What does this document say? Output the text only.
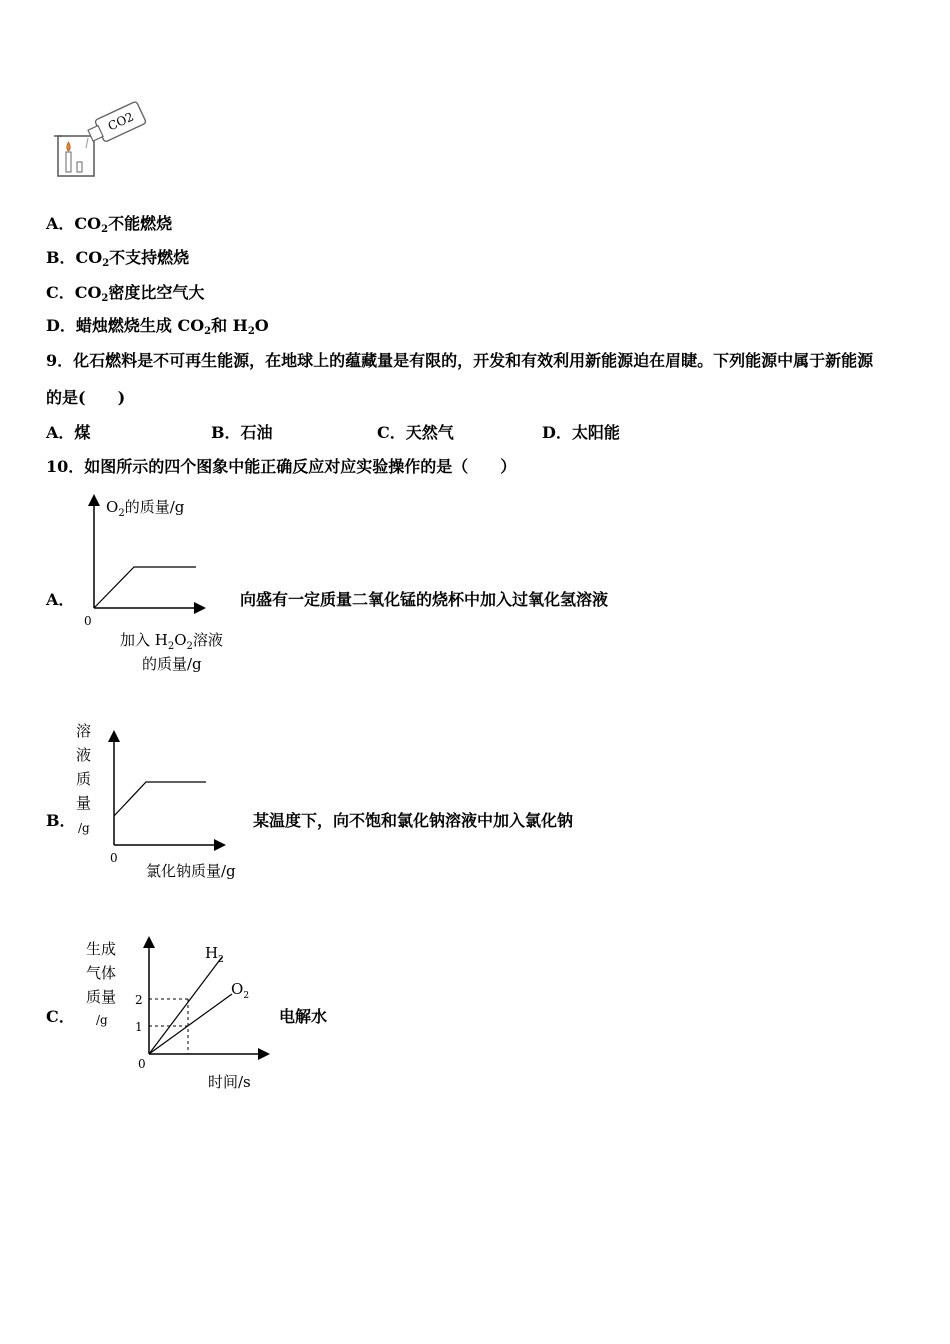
CO2
A．$CO_2$不能燃烧
B．$CO_2$不支持燃烧
C．$CO_2$密度比空气大
D．蜡烛燃烧生成 $CO_2$和 $H_2O$
9．化石燃料是不可再生能源，在地球上的蕴藏量是有限的，开发和有效利用新能源迫在眉睫。下列能源中属于新能源
的是(　　)
A．煤	B．石油	C．天然气	D．太阳能
10．如图所示的四个图象中能正确反应对应实验操作的是（　　）
A．
$O_2$的质量/g
0
加入 $H_2O_2$溶液
的质量/g
向盛有一定质量二氧化锰的烧杯中加入过氧化氢溶液
B．
溶
液
质
量
/g
0
氯化钠质量/g
某温度下，向不饱和氯化钠溶液中加入氯化钠
C．
生成
气体
质量
/g
2
1
0
$H_2$
$O_2$
时间/s
电解水
